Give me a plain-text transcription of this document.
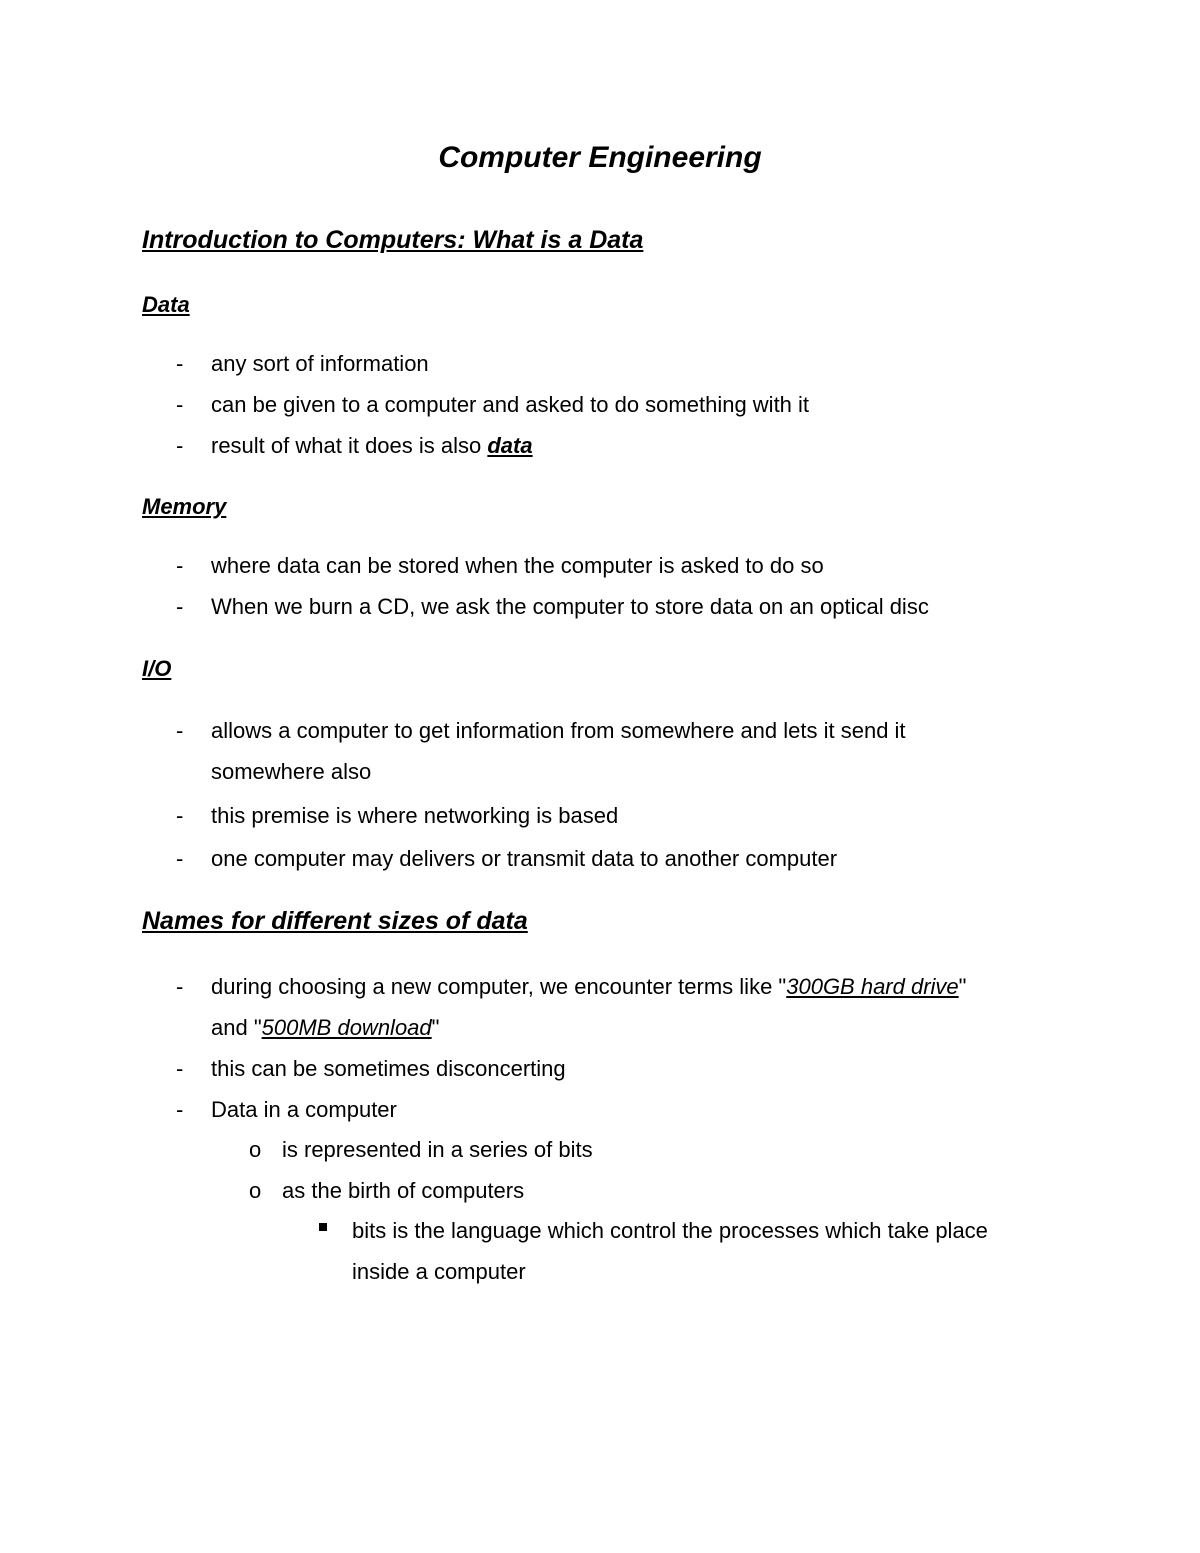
Computer Engineering
Introduction to Computers: What is a Data
Data
- any sort of information
- can be given to a computer and asked to do something with it
- result of what it does is also data
Memory
- where data can be stored when the computer is asked to do so
- When we burn a CD, we ask the computer to store data on an optical disc
I/O
- allows a computer to get information from somewhere and lets it send it
somewhere also
- this premise is where networking is based
- one computer may delivers or transmit data to another computer
Names for different sizes of data
- during choosing a new computer, we encounter terms like "300GB hard drive"
and "500MB download"
- this can be sometimes disconcerting
- Data in a computer
o is represented in a series of bits
o as the birth of computers
bits is the language which control the processes which take place
inside a computer
